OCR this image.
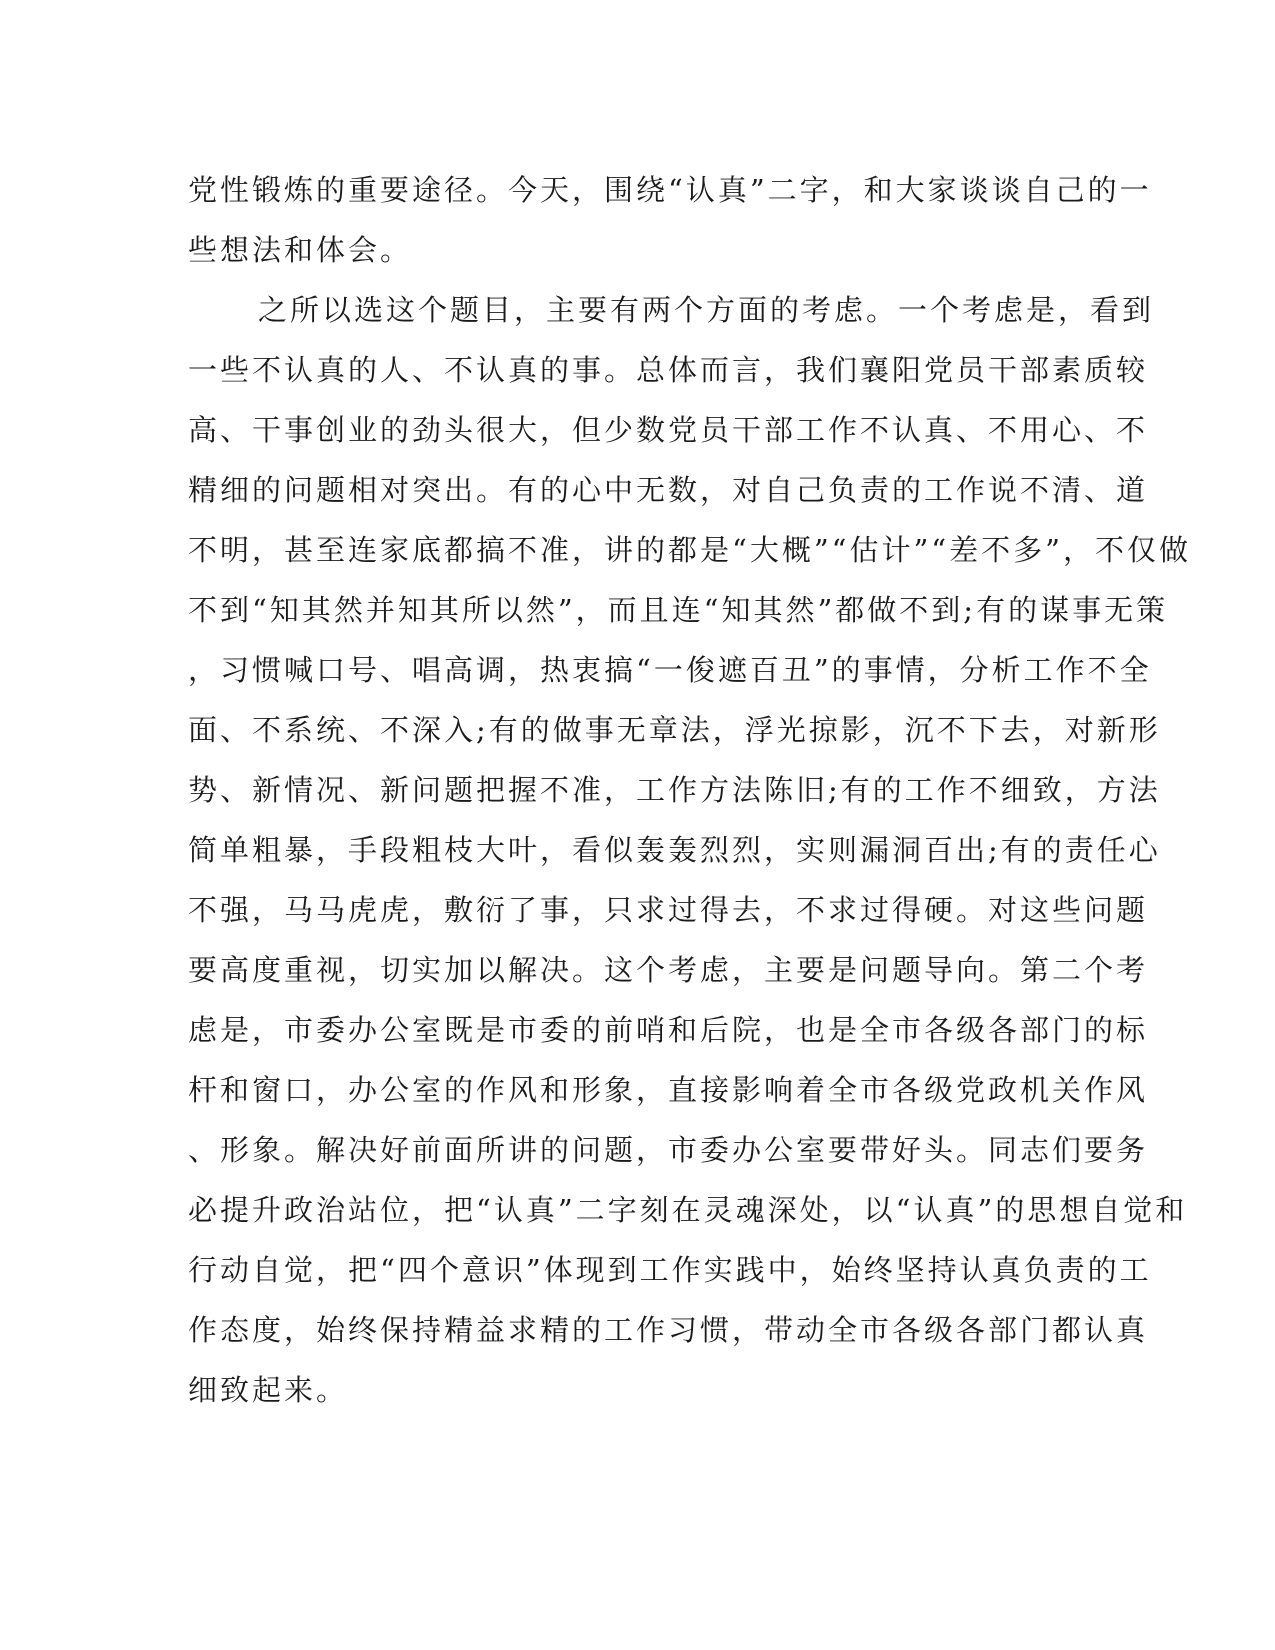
党性锻炼的重要途径。今天，围绕“认真”二字，和大家谈谈自己的一
些想法和体会。
之所以选这个题目，主要有两个方面的考虑。一个考虑是，看到
一些不认真的人、不认真的事。总体而言，我们襄阳党员干部素质较
高、干事创业的劲头很大，但少数党员干部工作不认真、不用心、不
精细的问题相对突出。有的心中无数，对自己负责的工作说不清、道
不明，甚至连家底都搞不准，讲的都是“大概”“估计”“差不多”，不仅做
不到“知其然并知其所以然”，而且连“知其然”都做不到;有的谋事无策
，习惯喊口号、唱高调，热衷搞“一俊遮百丑”的事情，分析工作不全
面、不系统、不深入;有的做事无章法，浮光掠影，沉不下去，对新形
势、新情况、新问题把握不准，工作方法陈旧;有的工作不细致，方法
简单粗暴，手段粗枝大叶，看似轰轰烈烈，实则漏洞百出;有的责任心
不强，马马虎虎，敷衍了事，只求过得去，不求过得硬。对这些问题
要高度重视，切实加以解决。这个考虑，主要是问题导向。第二个考
虑是，市委办公室既是市委的前哨和后院，也是全市各级各部门的标
杆和窗口，办公室的作风和形象，直接影响着全市各级党政机关作风
、形象。解决好前面所讲的问题，市委办公室要带好头。同志们要务
必提升政治站位，把“认真”二字刻在灵魂深处，以“认真”的思想自觉和
行动自觉，把“四个意识”体现到工作实践中，始终坚持认真负责的工
作态度，始终保持精益求精的工作习惯，带动全市各级各部门都认真
细致起来。
